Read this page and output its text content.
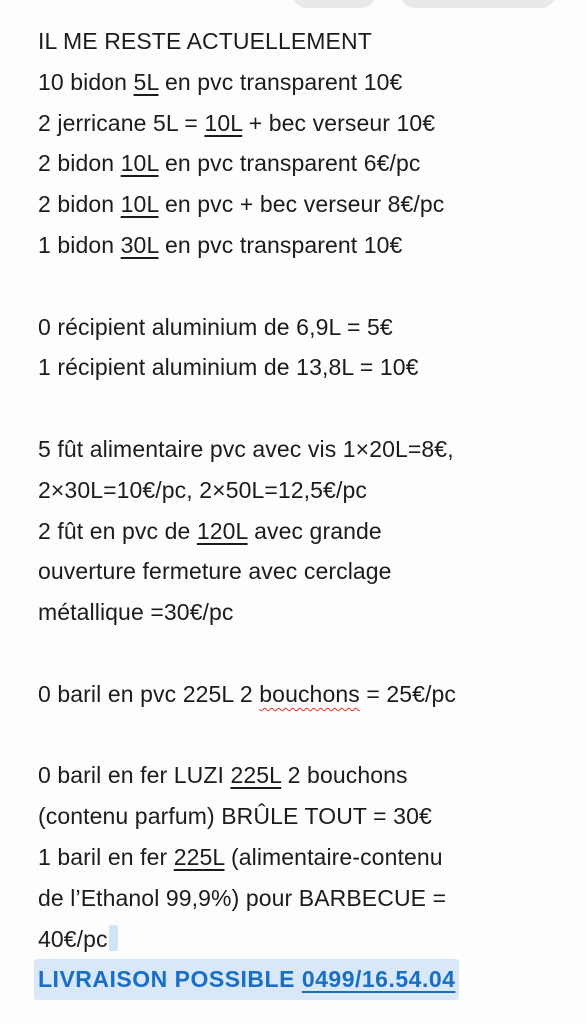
IL ME RESTE ACTUELLEMENT
10 bidon 5L en pvc transparent 10€
2 jerricane 5L = 10L + bec verseur 10€
2 bidon 10L en pvc transparent 6€/pc
2 bidon 10L en pvc + bec verseur 8€/pc
1 bidon 30L en pvc transparent 10€
0 récipient aluminium de 6,9L = 5€
1 récipient aluminium de 13,8L = 10€
5 fût alimentaire pvc avec vis 1×20L=8€,
2×30L=10€/pc, 2×50L=12,5€/pc
2 fût en pvc de 120L avec grande
ouverture fermeture avec cerclage
métallique =30€/pc
0 baril en pvc 225L 2 bouchons = 25€/pc
0 baril en fer LUZI 225L 2 bouchons
(contenu parfum) BRÛLE TOUT = 30€
1 baril en fer 225L (alimentaire-contenu
de l’Ethanol 99,9%) pour BARBECUE =
40€/pc
LIVRAISON POSSIBLE 0499/16.54.04
